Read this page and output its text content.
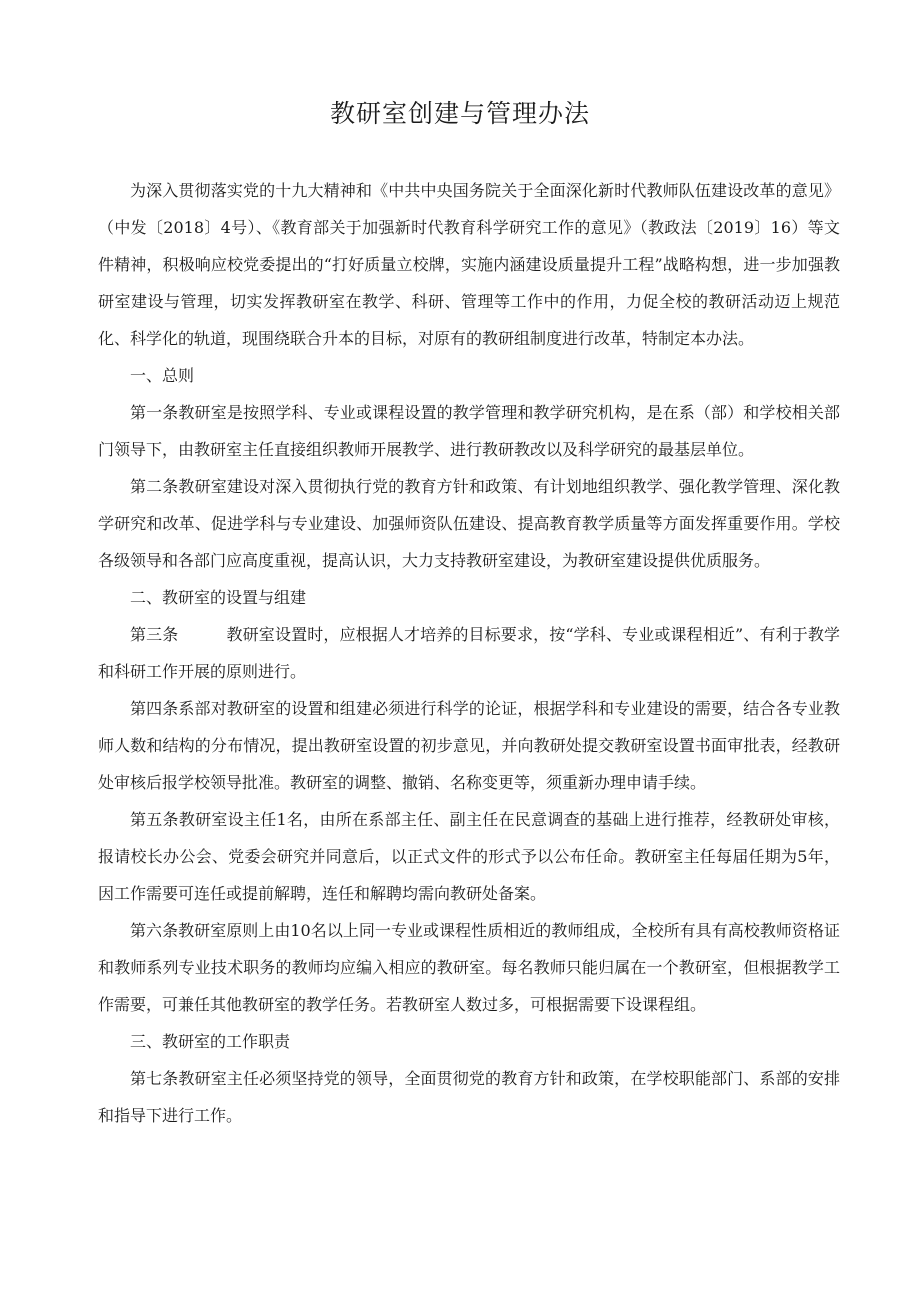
教研室创建与管理办法

为深入贯彻落实党的十九大精神和《中共中央国务院关于全面深化新时代教师队伍建设改革的意见》（中发〔2018〕4号）、《教育部关于加强新时代教育科学研究工作的意见》（教政法〔2019〕16）等文件精神，积极响应校党委提出的“打好质量立校牌，实施内涵建设质量提升工程”战略构想，进一步加强教研室建设与管理，切实发挥教研室在教学、科研、管理等工作中的作用，力促全校的教研活动迈上规范化、科学化的轨道，现围绕联合升本的目标，对原有的教研组制度进行改革，特制定本办法。

一、总则

第一条教研室是按照学科、专业或课程设置的教学管理和教学研究机构，是在系（部）和学校相关部门领导下，由教研室主任直接组织教师开展教学、进行教研教改以及科学研究的最基层单位。

第二条教研室建设对深入贯彻执行党的教育方针和政策、有计划地组织教学、强化教学管理、深化教学研究和改革、促进学科与专业建设、加强师资队伍建设、提高教育教学质量等方面发挥重要作用。学校各级领导和各部门应高度重视，提高认识，大力支持教研室建设，为教研室建设提供优质服务。

二、教研室的设置与组建

第三条	教研室设置时，应根据人才培养的目标要求，按“学科、专业或课程相近”、有利于教学和科研工作开展的原则进行。

第四条系部对教研室的设置和组建必须进行科学的论证，根据学科和专业建设的需要，结合各专业教师人数和结构的分布情况，提出教研室设置的初步意见，并向教研处提交教研室设置书面审批表，经教研处审核后报学校领导批准。教研室的调整、撤销、名称变更等，须重新办理申请手续。

第五条教研室设主任1名，由所在系部主任、副主任在民意调查的基础上进行推荐，经教研处审核，报请校长办公会、党委会研究并同意后，以正式文件的形式予以公布任命。教研室主任每届任期为5年，因工作需要可连任或提前解聘，连任和解聘均需向教研处备案。

第六条教研室原则上由10名以上同一专业或课程性质相近的教师组成，全校所有具有高校教师资格证和教师系列专业技术职务的教师均应编入相应的教研室。每名教师只能归属在一个教研室，但根据教学工作需要，可兼任其他教研室的教学任务。若教研室人数过多，可根据需要下设课程组。

三、教研室的工作职责

第七条教研室主任必须坚持党的领导，全面贯彻党的教育方针和政策，在学校职能部门、系部的安排和指导下进行工作。
